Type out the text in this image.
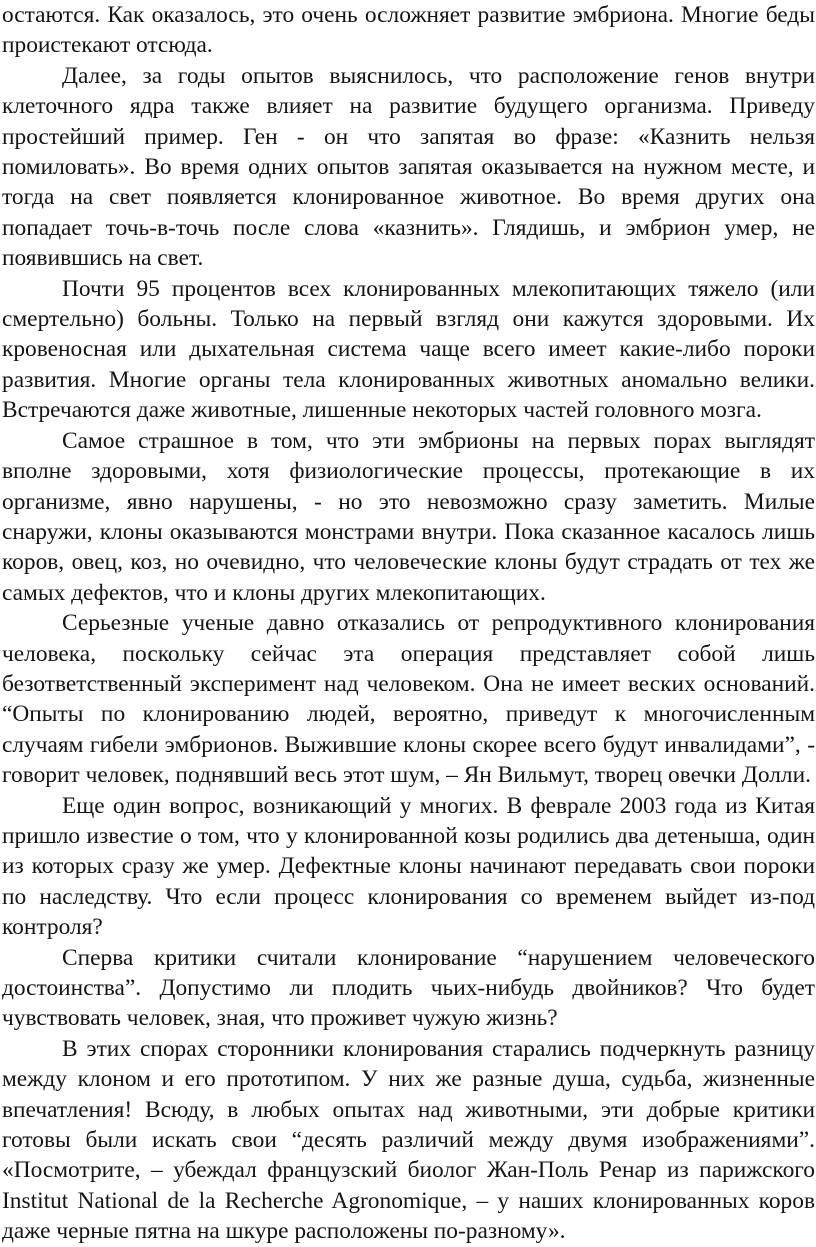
остаются. Как оказалось, это очень осложняет развитие эмбриона. Многие беды проистекают отсюда.

Далее, за годы опытов выяснилось, что расположение генов внутри клеточного ядра также влияет на развитие будущего организма. Приведу простейший пример. Ген - он что запятая во фразе: «Казнить нельзя помиловать». Во время одних опытов запятая оказывается на нужном месте, и тогда на свет появляется клонированное животное. Во время других она попадает точь-в-точь после слова «казнить». Глядишь, и эмбрион умер, не появившись на свет.

Почти 95 процентов всех клонированных млекопитающих тяжело (или смертельно) больны. Только на первый взгляд они кажутся здоровыми. Их кровеносная или дыхательная система чаще всего имеет какие-либо пороки развития. Многие органы тела клонированных животных аномально велики. Встречаются даже животные, лишенные некоторых частей головного мозга.

Самое страшное в том, что эти эмбрионы на первых порах выглядят вполне здоровыми, хотя физиологические процессы, протекающие в их организме, явно нарушены, - но это невозможно сразу заметить. Милые снаружи, клоны оказываются монстрами внутри. Пока сказанное касалось лишь коров, овец, коз, но очевидно, что человеческие клоны будут страдать от тех же самых дефектов, что и клоны других млекопитающих.

Серьезные ученые давно отказались от репродуктивного клонирования человека, поскольку сейчас эта операция представляет собой лишь безответственный эксперимент над человеком. Она не имеет веских оснований. “Опыты по клонированию людей, вероятно, приведут к многочисленным случаям гибели эмбрионов. Выжившие клоны скорее всего будут инвалидами”, - говорит человек, поднявший весь этот шум, – Ян Вильмут, творец овечки Долли.

Еще один вопрос, возникающий у многих. В феврале 2003 года из Китая пришло известие о том, что у клонированной козы родились два детеныша, один из которых сразу же умер. Дефектные клоны начинают передавать свои пороки по наследству. Что если процесс клонирования со временем выйдет из-под контроля?

Сперва критики считали клонирование “нарушением человеческого достоинства”. Допустимо ли плодить чьих-нибудь двойников? Что будет чувствовать человек, зная, что проживет чужую жизнь?

В этих спорах сторонники клонирования старались подчеркнуть разницу между клоном и его прототипом. У них же разные душа, судьба, жизненные впечатления! Всюду, в любых опытах над животными, эти добрые критики готовы были искать свои “десять различий между двумя изображениями”. «Посмотрите, – убеждал французский биолог Жан-Поль Ренар из парижского Institut National de la Recherche Agronomique, – у наших клонированных коров даже черные пятна на шкуре расположены по-разному».
